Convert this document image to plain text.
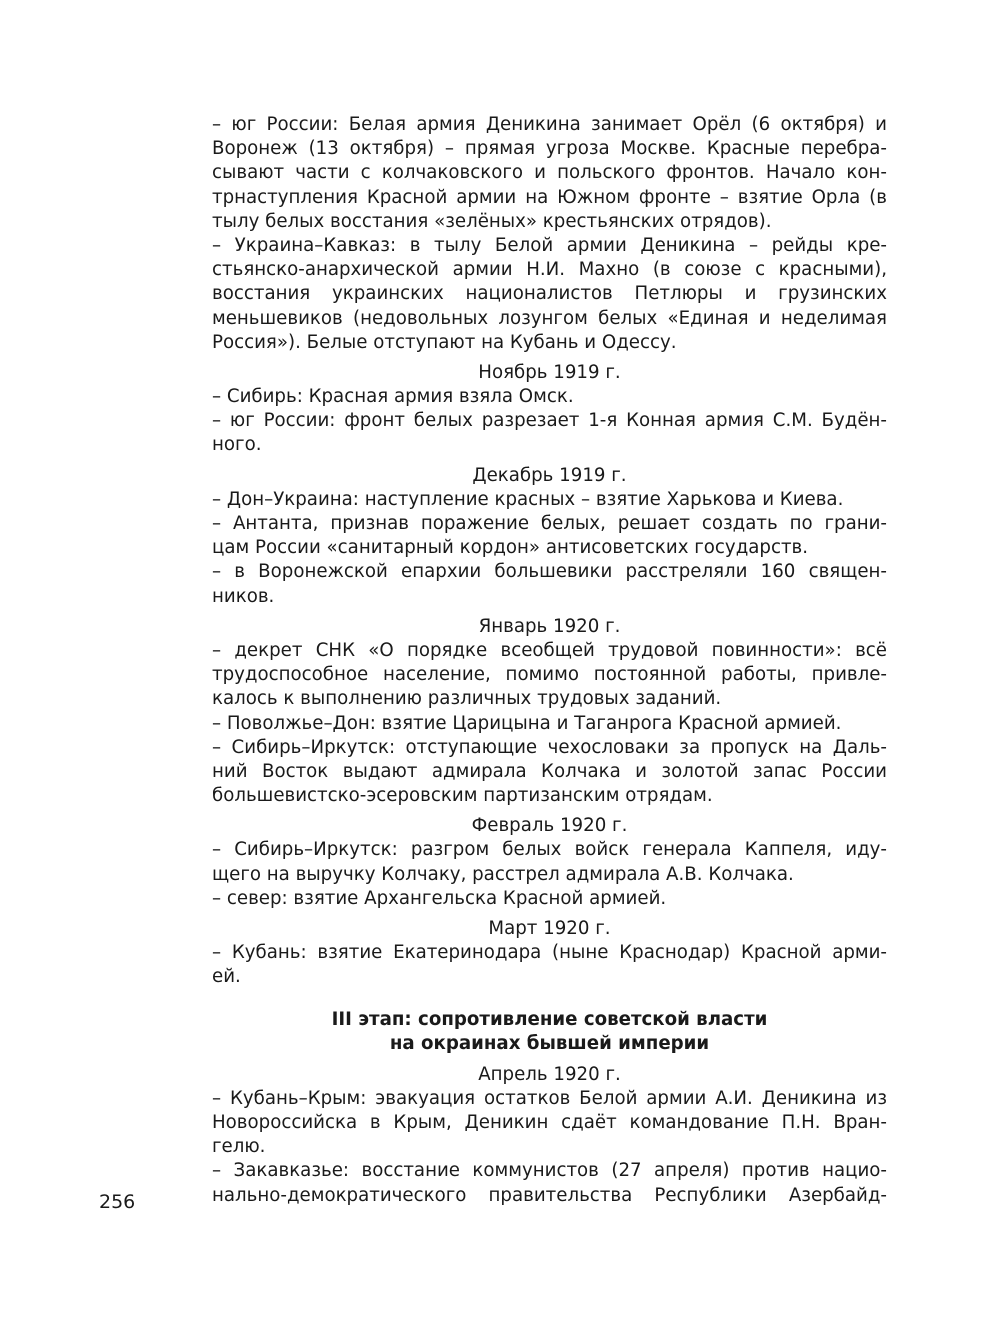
– юг России: Белая армия Деникина занимает Орёл (6 октября) и
Воронеж (13 октября) – прямая угроза Москве. Красные перебра-
сывают части с колчаковского и польского фронтов. Начало кон-
трнаступления Красной армии на Южном фронте – взятие Орла (в
тылу белых восстания «зелёных» крестьянских отрядов).
– Украина–Кавказ: в тылу Белой армии Деникина – рейды кре-
стьянско-анархической армии Н.И. Махно (в союзе с красными),
восстания украинских националистов Петлюры и грузинских
меньшевиков (недовольных лозунгом белых «Единая и неделимая
Россия»). Белые отступают на Кубань и Одессу.
Ноябрь 1919 г.
– Сибирь: Красная армия взяла Омск.
– юг России: фронт белых разрезает 1-я Конная армия С.М. Будён-
ного.
Декабрь 1919 г.
– Дон–Украина: наступление красных – взятие Харькова и Киева.
– Антанта, признав поражение белых, решает создать по грани-
цам России «санитарный кордон» антисоветских государств.
– в Воронежской епархии большевики расстреляли 160 священ-
ников.
Январь 1920 г.
– декрет СНК «О порядке всеобщей трудовой повинности»: всё
трудоспособное население, помимо постоянной работы, привле-
калось к выполнению различных трудовых заданий.
– Поволжье–Дон: взятие Царицына и Таганрога Красной армией.
– Сибирь–Иркутск: отступающие чехословаки за пропуск на Даль-
ний Восток выдают адмирала Колчака и золотой запас России
большевистско-эсеровским партизанским отрядам.
Февраль 1920 г.
– Сибирь–Иркутск: разгром белых войск генерала Каппеля, иду-
щего на выручку Колчаку, расстрел адмирала А.В. Колчака.
– север: взятие Архангельска Красной армией.
Март 1920 г.
– Кубань: взятие Екатеринодара (ныне Краснодар) Красной арми-
ей.
III этап: сопротивление советской власти
на окраинах бывшей империи
Апрель 1920 г.
– Кубань–Крым: эвакуация остатков Белой армии А.И. Деникина из
Новороссийска в Крым, Деникин сдаёт командование П.Н. Вран-
гелю.
– Закавказье: восстание коммунистов (27 апреля) против нацио-
нально-демократического правительства Республики Азербайд-
256
